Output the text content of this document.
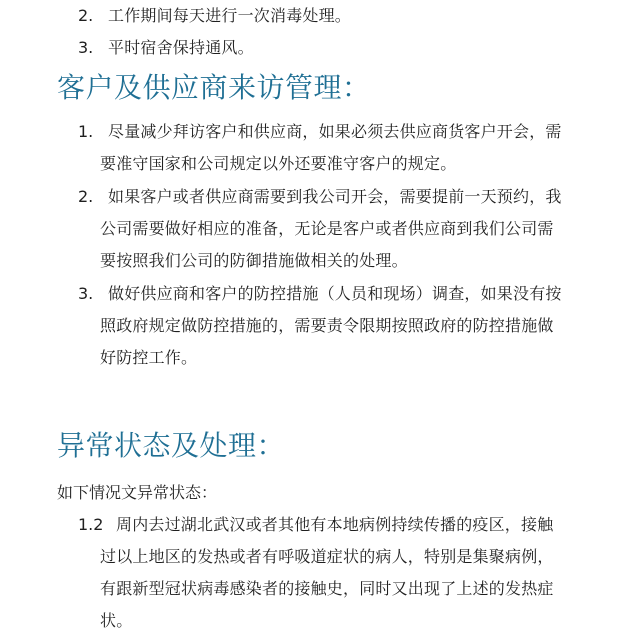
2. 工作期间每天进行一次消毒处理。
3. 平时宿舍保持通风。
客户及供应商来访管理：
1. 尽量减少拜访客户和供应商，如果必须去供应商货客户开会，需
要准守国家和公司规定以外还要准守客户的规定。
2. 如果客户或者供应商需要到我公司开会，需要提前一天预约，我
公司需要做好相应的准备，无论是客户或者供应商到我们公司需
要按照我们公司的防御措施做相关的处理。
3. 做好供应商和客户的防控措施（人员和现场）调查，如果没有按
照政府规定做防控措施的，需要责令限期按照政府的防控措施做
好防控工作。
异常状态及处理：
如下情况文异常状态：
1.2 周内去过湖北武汉或者其他有本地病例持续传播的疫区，接触
过以上地区的发热或者有呼吸道症状的病人，特别是集聚病例，
有跟新型冠状病毒感染者的接触史，同时又出现了上述的发热症
状。
